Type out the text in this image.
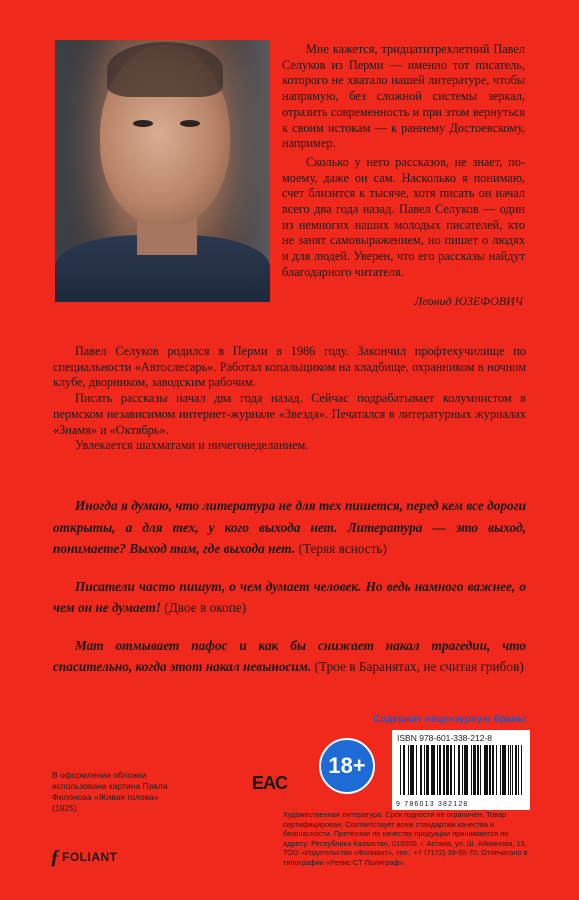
Мне кажется, тридцатитрехлетний Павел Селуков из Перми — именно тот писатель, которого не хватало нашей литературе, чтобы напрямую, без сложной системы зеркал, отразить современность и при этом вернуться к своим истокам — к раннему Достоевскому, например.

Сколько у него рассказов, не знает, по-моему, даже он сам. Насколько я понимаю, счет близится к тысяче, хотя писать он начал всего два года назад. Павел Селуков — один из немногих наших молодых писателей, кто не занят самовыражением, но пишет о людях и для людей. Уверен, что его рассказы найдут благодарного читателя.

Леонид ЮЗЕФОВИЧ

Павел Селуков родился в Перми в 1986 году. Закончил профтехучилище по специальности «Автослесарь». Работал копальщиком на кладбище, охранником в ночном клубе, дворником, заводским рабочим.

Писать рассказы начал два года назад. Сейчас подрабатывает колумнистом в пермском независимом интернет-журнале «Звезда». Печатался в литературных журналах «Знамя» и «Октябрь».

Увлекается шахматами и ничегонеделанием.

Иногда я думаю, что литература не для тех пишется, перед кем все дороги открыты, а для тех, у кого выхода нет. Литература — это выход, понимаете? Выход там, где выхода нет. (Теряя ясность)

Писатели часто пишут, о чем думает человек. Но ведь намного важнее, о чем он не думает! (Двое в окопе)

Мат отмывает пафос и как бы снижает накал трагедии, что спасительно, когда этот накал невыносим. (Трое в Баранятах, не считая грибов)

Содержит нецензурную брань!
18+
ISBN 978-601-338-212-8
9 786013 382128
EAC
Художественная литература. Срок годности не ограничен. Товар сертифицирован. Соответствует всем стандартам качества и безопасности. Претензии по качеству продукции принимаются по адресу: Республика Казахстан, 010000, г. Астана, ул. Ш. Айманова, 13, ТОО «Издательство «Фолиант», тел.: +7 (7172) 39-60-70. Отпечатано в типографии «Репис-СТ Полиграф».
В оформлении обложки использована картина Павла Филонова «Живая голова» (1925).
ƒ FOLIANT
